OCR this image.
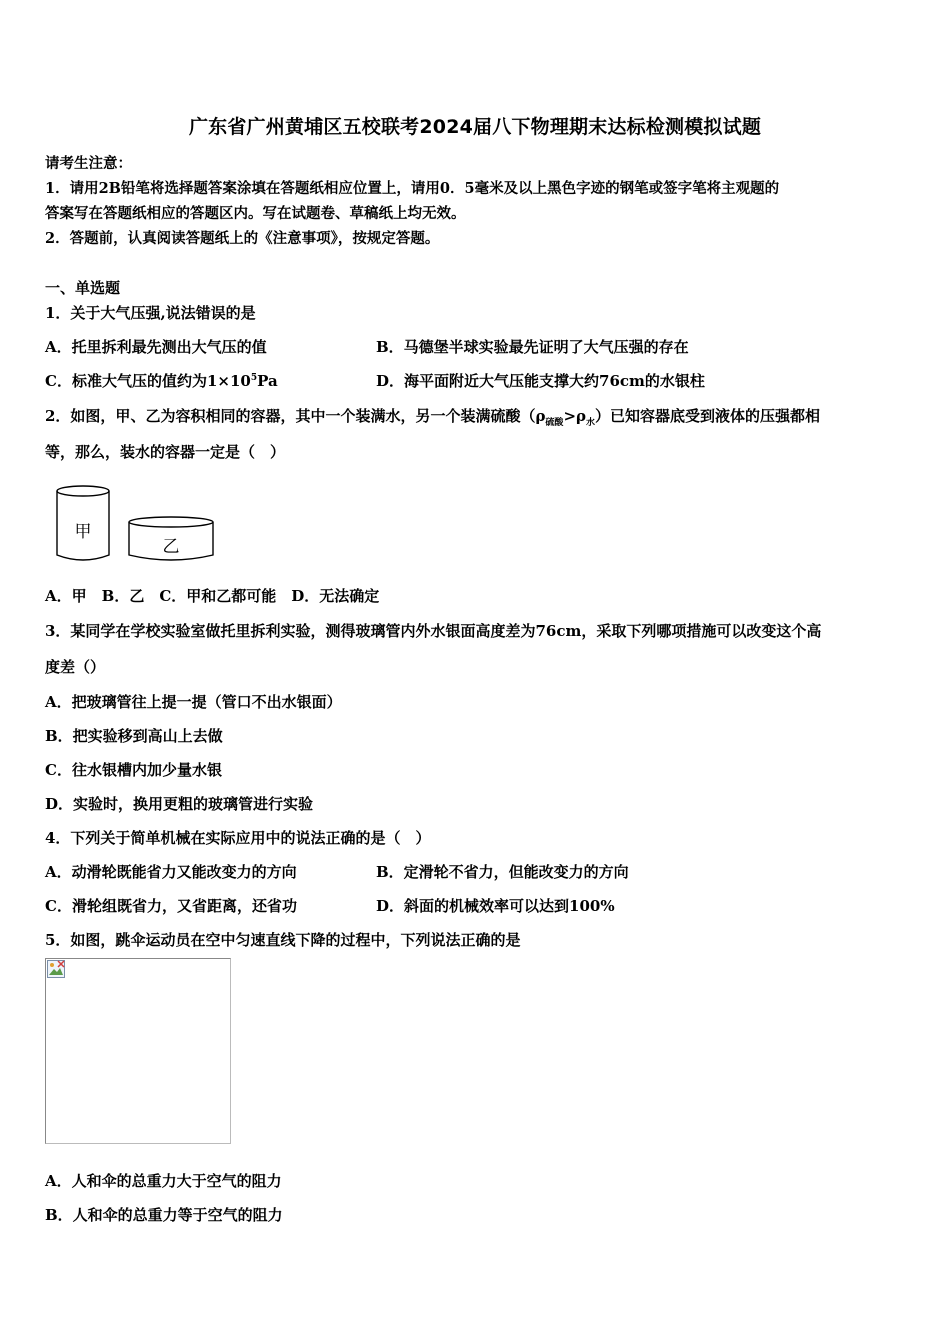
广东省广州黄埔区五校联考2024届八下物理期末达标检测模拟试题
请考生注意：
1．请用2B铅笔将选择题答案涂填在答题纸相应位置上，请用0．5毫米及以上黑色字迹的钢笔或签字笔将主观题的
答案写在答题纸相应的答题区内。写在试题卷、草稿纸上均无效。
2．答题前，认真阅读答题纸上的《注意事项》，按规定答题。
一、单选题
1．关于大气压强,说法错误的是
A．托里拆利最先测出大气压的值	B．马德堡半球实验最先证明了大气压强的存在
C．标准大气压的值约为$1\times 10^5Pa$	D．海平面附近大气压能支撑大约76cm的水银柱
2．如图，甲、乙为容积相同的容器，其中一个装满水，另一个装满硫酸$(\rho_{硫酸}>\rho_水)$已知容器底受到液体的压强都相
等，那么，装水的容器一定是（　）
甲
乙
A．甲　B．乙　C．甲和乙都可能　D．无法确定
3．某同学在学校实验室做托里拆利实验，测得玻璃管内外水银面高度差为76cm，采取下列哪项措施可以改变这个高
度差（）
A．把玻璃管往上提一提（管口不出水银面）
B．把实验移到高山上去做
C．往水银槽内加少量水银
D．实验时，换用更粗的玻璃管进行实验
4．下列关于简单机械在实际应用中的说法正确的是（　）
A．动滑轮既能省力又能改变力的方向	B．定滑轮不省力，但能改变力的方向
C．滑轮组既省力，又省距离，还省功	D．斜面的机械效率可以达到100%
5．如图，跳伞运动员在空中匀速直线下降的过程中，下列说法正确的是
A．人和伞的总重力大于空气的阻力
B．人和伞的总重力等于空气的阻力
